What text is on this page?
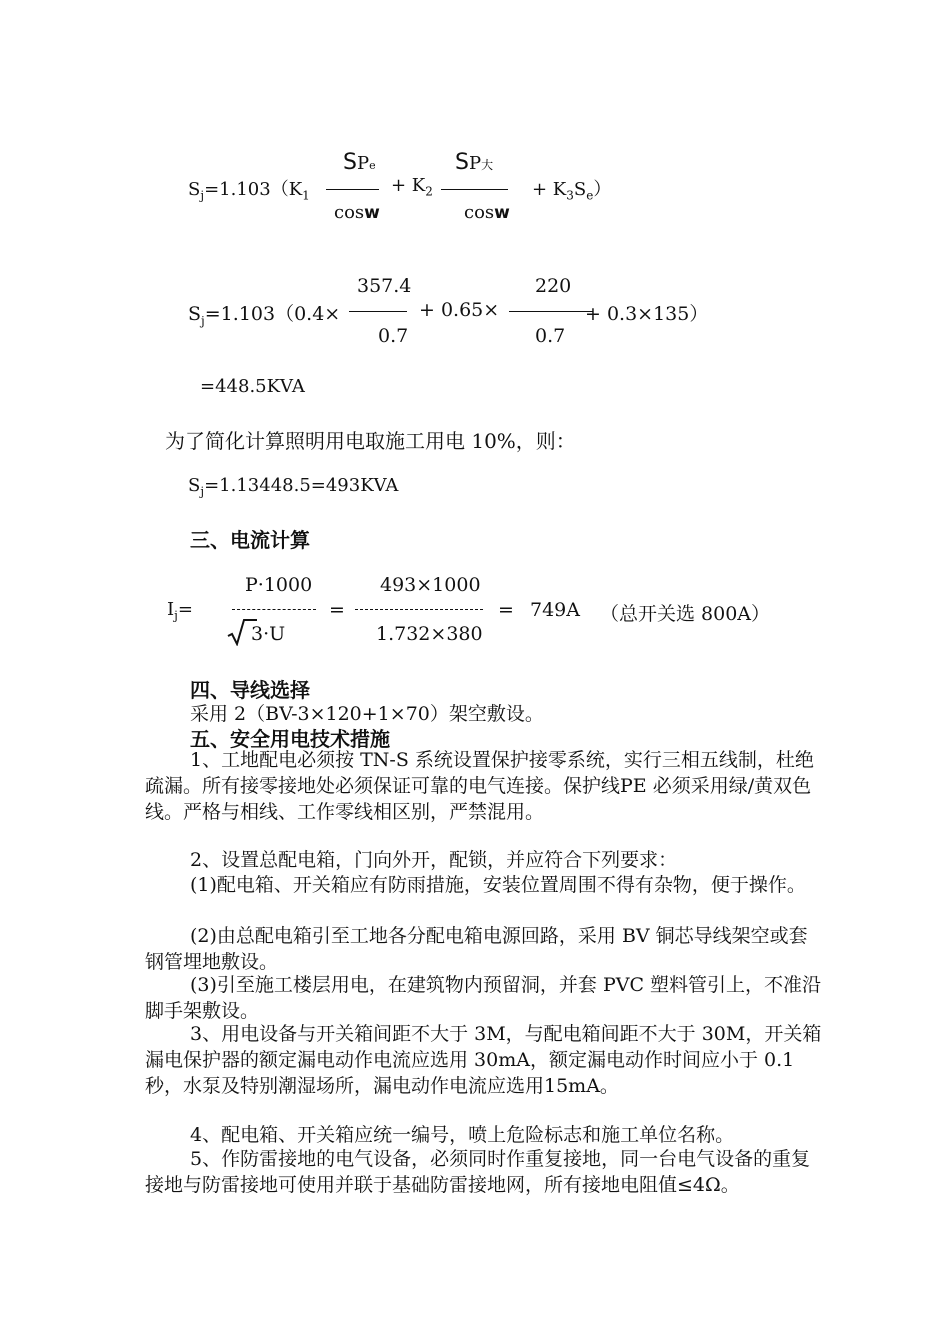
$S_j=1.103(K_1$
SPe
cosw
+ $K_2$
SP大
cosw
+ $K_3S_e$）
$S_j=1.103(0.4\times$
357.4
0.7
+ 0.65×
220
0.7
+ 0.3×135）
=448.5KVA
为了简化计算照明用电取施工用电 10%，则：
$S_j=1.13448.5=493KVA$
三、电流计算
$I_j=$
P·1000
3·U
=
493×1000
1.732×380
= 749A （总开关选 800A）
四、导线选择
采用 2（BV-3×120+1×70）架空敷设。
五、安全用电技术措施
1、工地配电必须按 TN-S 系统设置保护接零系统，实行三相五线制，杜绝疏漏。所有接零接地处必须保证可靠的电气连接。保护线PE 必须采用绿/黄双色线。严格与相线、工作零线相区别，严禁混用。
2、设置总配电箱，门向外开，配锁，并应符合下列要求：
(1)配电箱、开关箱应有防雨措施，安装位置周围不得有杂物，便于操作。
(2)由总配电箱引至工地各分配电箱电源回路，采用 BV 铜芯导线架空或套钢管埋地敷设。
(3)引至施工楼层用电，在建筑物内预留洞，并套 PVC 塑料管引上，不准沿脚手架敷设。
3、用电设备与开关箱间距不大于 3M，与配电箱间距不大于 30M，开关箱漏电保护器的额定漏电动作电流应选用 30mA，额定漏电动作时间应小于 0.1 秒，水泵及特别潮湿场所，漏电动作电流应选用15mA。
4、配电箱、开关箱应统一编号，喷上危险标志和施工单位名称。
5、作防雷接地的电气设备，必须同时作重复接地，同一台电气设备的重复接地与防雷接地可使用并联于基础防雷接地网，所有接地电阻值≤4Ω。
